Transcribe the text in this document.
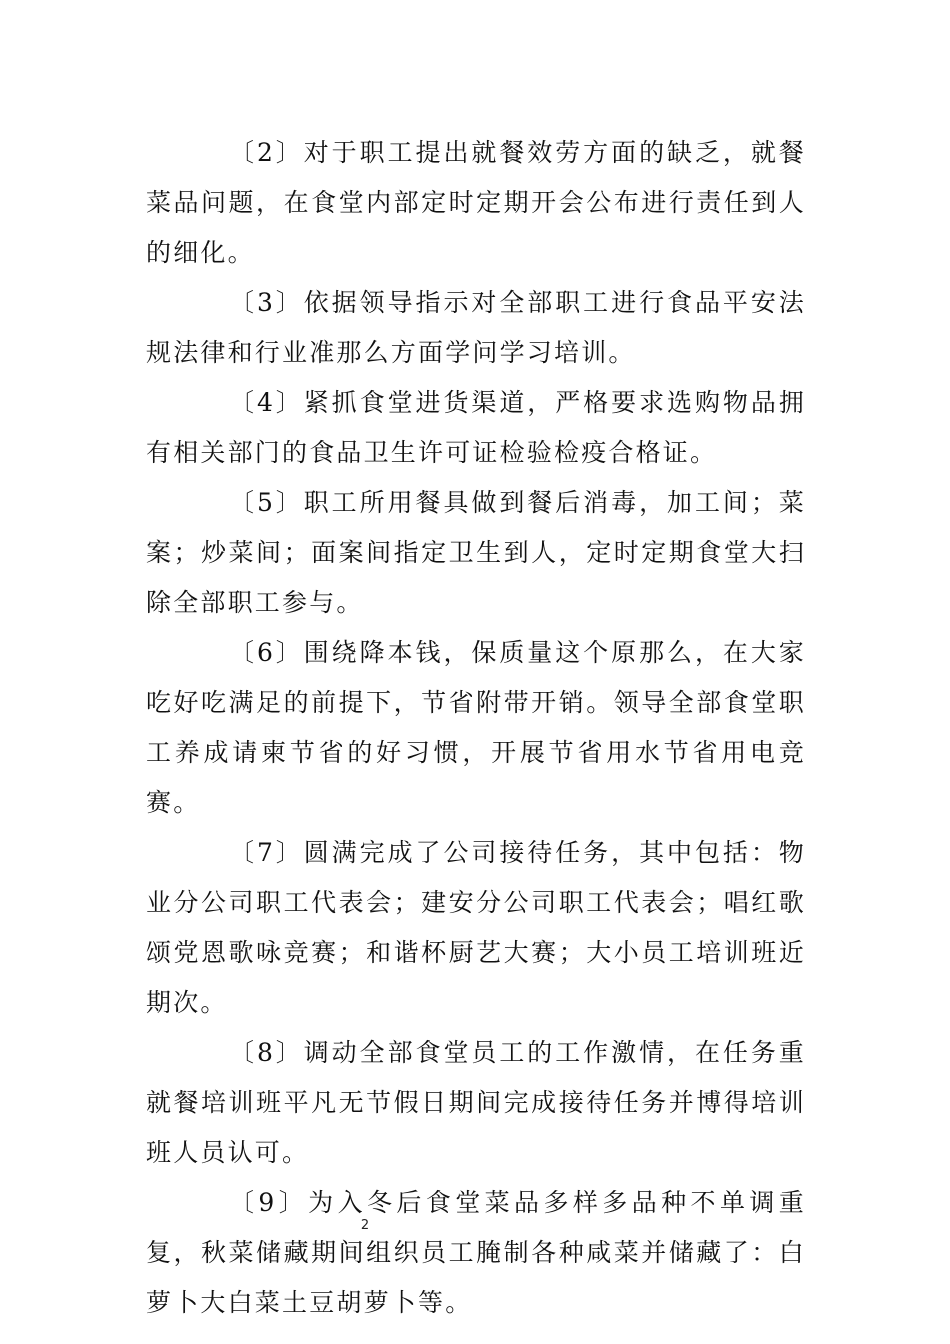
〔2〕对于职工提出就餐效劳方面的缺乏，就餐菜品问题，在食堂内部定时定期开会公布进行责任到人的细化。

〔3〕依据领导指示对全部职工进行食品平安法规法律和行业准那么方面学问学习培训。

〔4〕紧抓食堂进货渠道，严格要求选购物品拥有相关部门的食品卫生许可证检验检疫合格证。

〔5〕职工所用餐具做到餐后消毒，加工间；菜案；炒菜间；面案间指定卫生到人，定时定期食堂大扫除全部职工参与。

〔6〕围绕降本钱，保质量这个原那么，在大家吃好吃满足的前提下，节省附带开销。领导全部食堂职工养成请柬节省的好习惯，开展节省用水节省用电竞赛。

〔7〕圆满完成了公司接待任务，其中包括：物业分公司职工代表会；建安分公司职工代表会；唱红歌颂党恩歌咏竞赛；和谐杯厨艺大赛；大小员工培训班近期次。

〔8〕调动全部食堂员工的工作激情，在任务重就餐培训班平凡无节假日期间完成接待任务并博得培训班人员认可。

〔9〕为入冬后食堂菜品多样多品种不单调重复，秋菜储藏期间组织员工腌制各种咸菜并储藏了：白萝卜大白菜土豆胡萝卜等。

2
